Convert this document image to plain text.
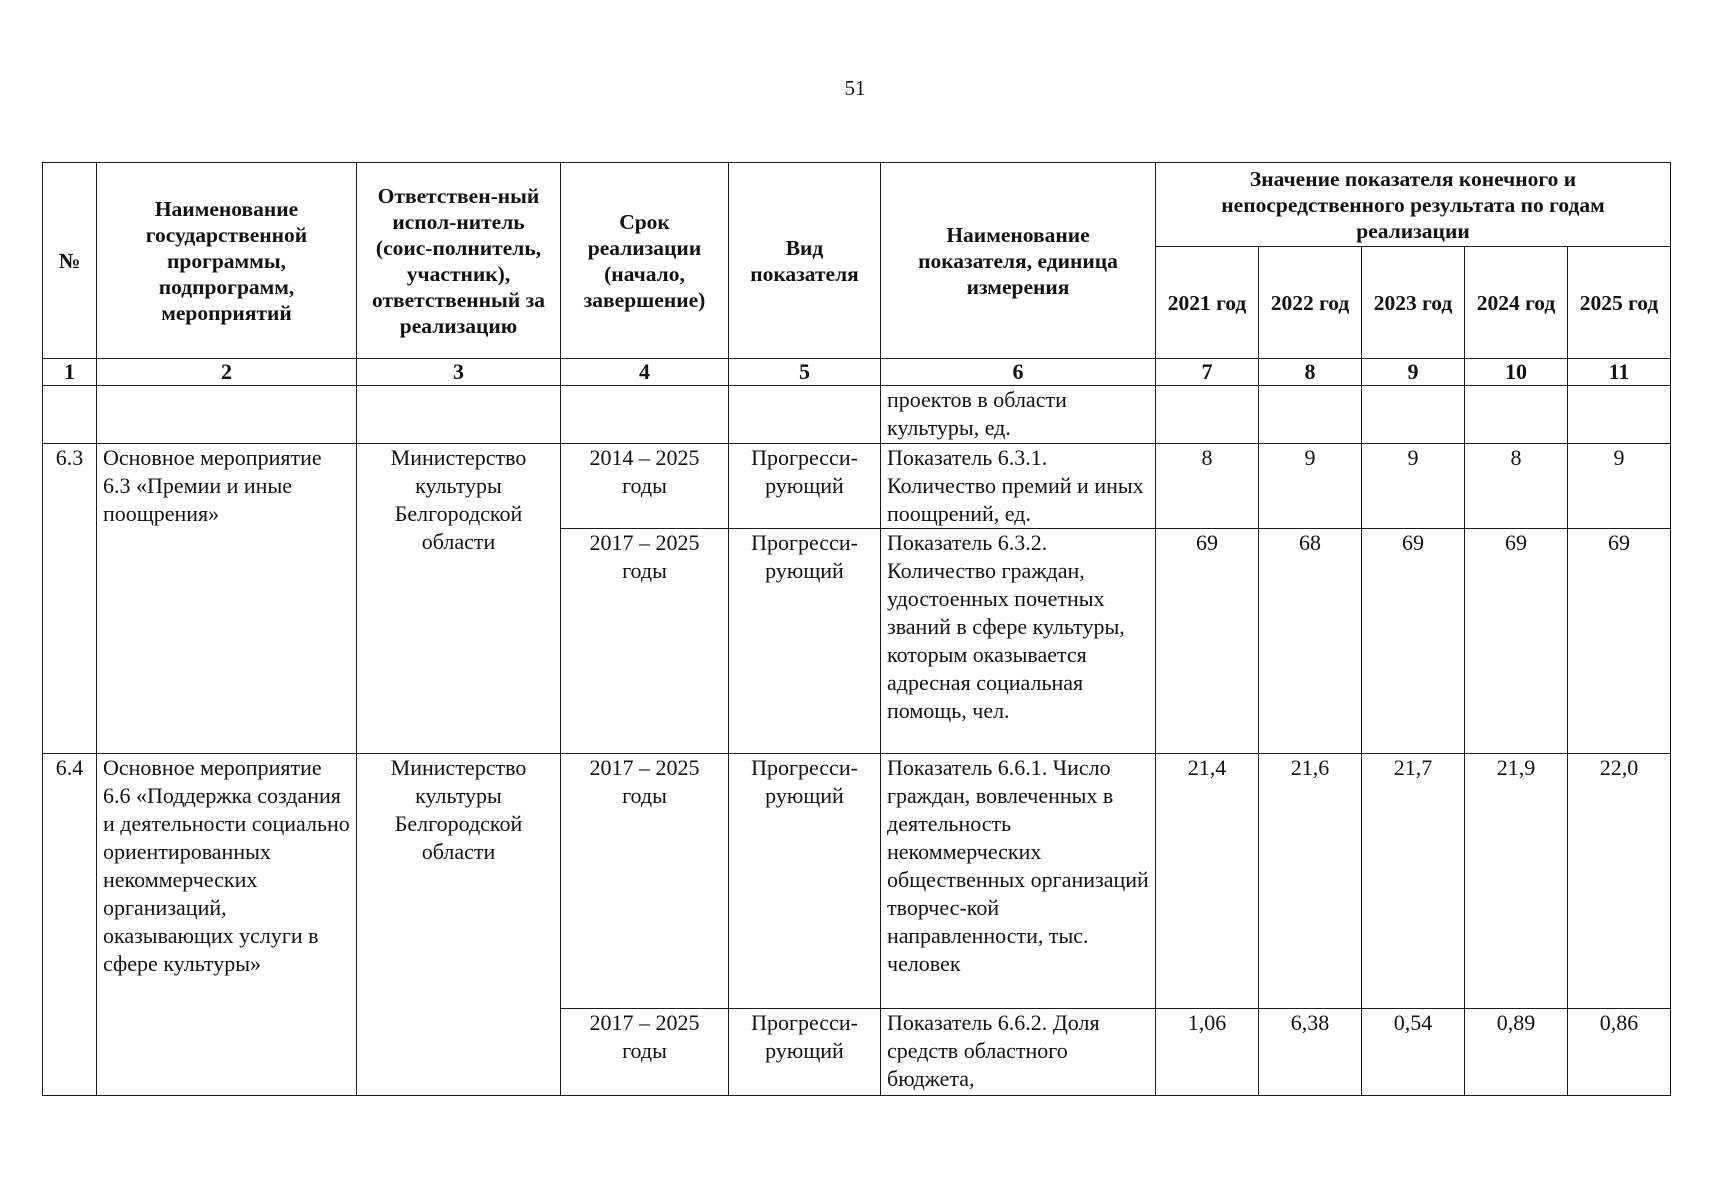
51
№	Наименование государственной программы, подпрограмм, мероприятий	Ответствен-ный испол-нитель (соис-полнитель, участник), ответственный за реализацию	Срок реализации (начало, завершение)	Вид показателя	Наименование показателя, единица измерения	Значение показателя конечного и непосредственного результата по годам реализации				
						2021 год	2022 год	2023 год	2024 год	2025 год
1	2	3	4	5	6	7	8	9	10	11
					проектов в области культуры, ед.					
6.3	Основное мероприятие 6.3 «Премии и иные поощрения»	Министерство культуры Белгородской области	2014 – 2025 годы	Прогресси-рующий	Показатель 6.3.1. Количество премий и иных поощрений, ед.	8	9	9	8	9
			2017 – 2025 годы	Прогресси-рующий	Показатель 6.3.2. Количество граждан, удостоенных почетных званий в сфере культуры, которым оказывается адресная социальная помощь, чел.	69	68	69	69	69
6.4	Основное мероприятие 6.6 «Поддержка создания и деятельности социально ориентированных некоммерческих организаций, оказывающих услуги в сфере культуры»	Министерство культуры Белгородской области	2017 – 2025 годы	Прогресси-рующий	Показатель 6.6.1. Число граждан, вовлеченных в деятельность некоммерческих общественных организаций творчес-кой направленности, тыс. человек	21,4	21,6	21,7	21,9	22,0
			2017 – 2025 годы	Прогресси-рующий	Показатель 6.6.2. Доля средств областного бюджета,	1,06	6,38	0,54	0,89	0,86
